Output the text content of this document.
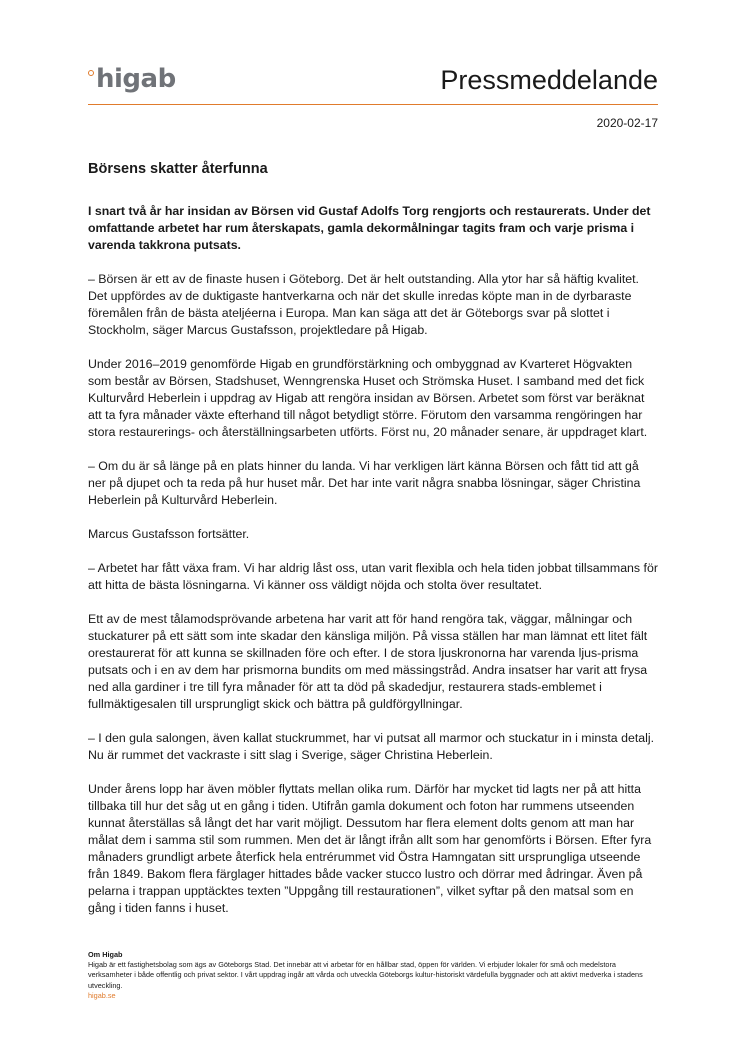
higab	Pressmeddelande
2020-02-17
Börsens skatter återfunna

I snart två år har insidan av Börsen vid Gustaf Adolfs Torg rengjorts och restaurerats. Under det omfattande arbetet har rum återskapats, gamla dekormålningar tagits fram och varje prisma i varenda takkrona putsats.

– Börsen är ett av de finaste husen i Göteborg. Det är helt outstanding. Alla ytor har så häftig kvalitet. Det uppfördes av de duktigaste hantverkarna och när det skulle inredas köpte man in de dyrbaraste föremålen från de bästa ateljéerna i Europa. Man kan säga att det är Göteborgs svar på slottet i Stockholm, säger Marcus Gustafsson, projektledare på Higab.

Under 2016–2019 genomförde Higab en grundförstärkning och ombyggnad av Kvarteret Högvakten som består av Börsen, Stadshuset, Wenngrenska Huset och Strömska Huset. I samband med det fick Kulturvård Heberlein i uppdrag av Higab att rengöra insidan av Börsen. Arbetet som först var beräknat att ta fyra månader växte efterhand till något betydligt större. Förutom den varsamma rengöringen har stora restaurerings- och återställningsarbeten utförts. Först nu, 20 månader senare, är uppdraget klart.

– Om du är så länge på en plats hinner du landa. Vi har verkligen lärt känna Börsen och fått tid att gå ner på djupet och ta reda på hur huset mår. Det har inte varit några snabba lösningar, säger Christina Heberlein på Kulturvård Heberlein.

Marcus Gustafsson fortsätter.

– Arbetet har fått växa fram. Vi har aldrig låst oss, utan varit flexibla och hela tiden jobbat tillsammans för att hitta de bästa lösningarna. Vi känner oss väldigt nöjda och stolta över resultatet.

Ett av de mest tålamodsprövande arbetena har varit att för hand rengöra tak, väggar, målningar och stuckaturer på ett sätt som inte skadar den känsliga miljön. På vissa ställen har man lämnat ett litet fält orestaurerat för att kunna se skillnaden före och efter. I de stora ljuskronorna har varenda ljus-prisma putsats och i en av dem har prismorna bundits om med mässingstråd. Andra insatser har varit att frysa ned alla gardiner i tre till fyra månader för att ta död på skadedjur, restaurera stads-emblemet i fullmäktigesalen till ursprungligt skick och bättra på guldförgyllningar.

– I den gula salongen, även kallat stuckrummet, har vi putsat all marmor och stuckatur in i minsta detalj. Nu är rummet det vackraste i sitt slag i Sverige, säger Christina Heberlein.

Under årens lopp har även möbler flyttats mellan olika rum. Därför har mycket tid lagts ner på att hitta tillbaka till hur det såg ut en gång i tiden. Utifrån gamla dokument och foton har rummens utseenden kunnat återställas så långt det har varit möjligt. Dessutom har flera element dolts genom att man har målat dem i samma stil som rummen. Men det är långt ifrån allt som har genomförts i Börsen. Efter fyra månaders grundligt arbete återfick hela entrérummet vid Östra Hamngatan sitt ursprungliga utseende från 1849. Bakom flera färglager hittades både vacker stucco lustro och dörrar med ådringar. Även på pelarna i trappan upptäcktes texten ”Uppgång till restaurationen”, vilket syftar på den matsal som en gång i tiden fanns i huset.

Om Higab
Higab är ett fastighetsbolag som ägs av Göteborgs Stad. Det innebär att vi arbetar för en hållbar stad, öppen för världen. Vi erbjuder lokaler för små och medelstora verksamheter i både offentlig och privat sektor. I vårt uppdrag ingår att vårda och utveckla Göteborgs kultur-historiskt värdefulla byggnader och att aktivt medverka i stadens utveckling.
higab.se
